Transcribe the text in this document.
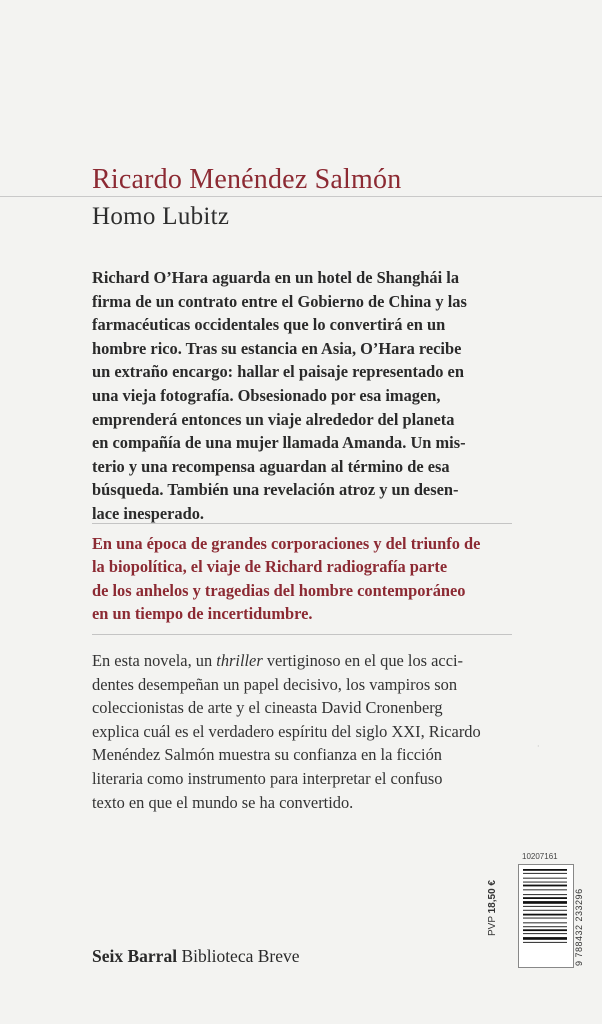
Ricardo Menéndez Salmón
Homo Lubitz
Richard O’Hara aguarda en un hotel de Shanghái la
firma de un contrato entre el Gobierno de China y las
farmacéuticas occidentales que lo convertirá en un
hombre rico. Tras su estancia en Asia, O’Hara recibe
un extraño encargo: hallar el paisaje representado en
una vieja fotografía. Obsesionado por esa imagen,
emprenderá entonces un viaje alrededor del planeta
en compañía de una mujer llamada Amanda. Un mis-
terio y una recompensa aguardan al término de esa
búsqueda. También una revelación atroz y un desen-
lace inesperado.
En una época de grandes corporaciones y del triunfo de
la biopolítica, el viaje de Richard radiografía parte
de los anhelos y tragedias del hombre contemporáneo
en un tiempo de incertidumbre.
En esta novela, un thriller vertiginoso en el que los acci-
dentes desempeñan un papel decisivo, los vampiros son
coleccionistas de arte y el cineasta David Cronenberg
explica cuál es el verdadero espíritu del siglo XXI, Ricardo
Menéndez Salmón muestra su confianza en la ficción
literaria como instrumento para interpretar el confuso
texto en que el mundo se ha convertido.
·
Seix Barral Biblioteca Breve
10207161
PVP 18,50 €	9 788432 233296
